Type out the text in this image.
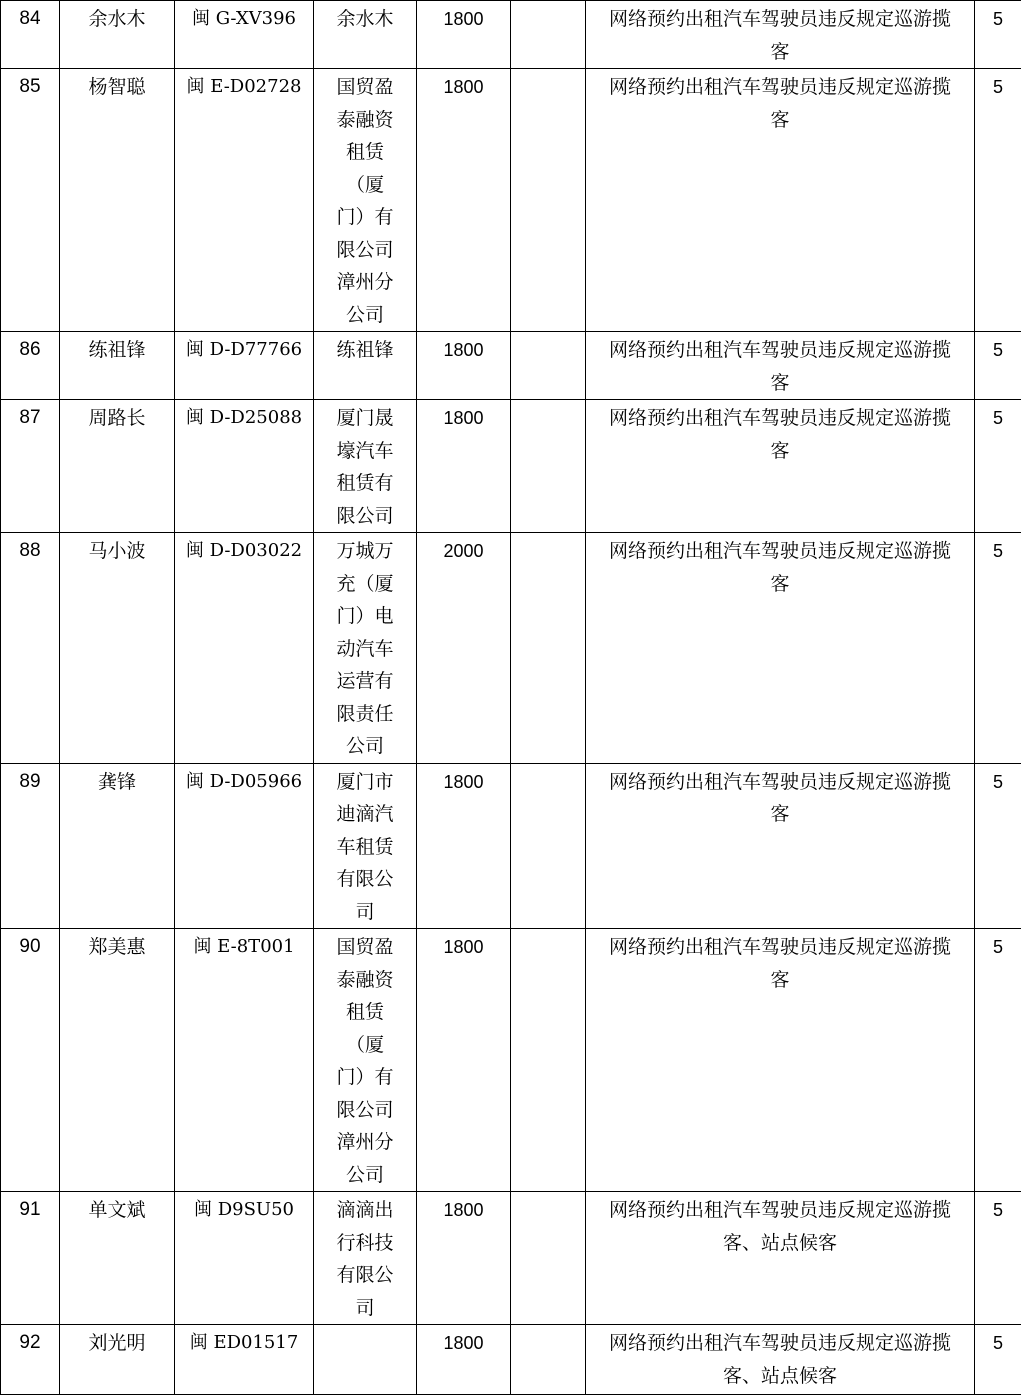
84	余水木	闽 G-XV396	余水木	1800		网络预约出租汽车驾驶员违反规定巡游揽客	5
85	杨智聪	闽 E-D02728	国贸盈泰融资租赁（厦门）有限公司漳州分公司	1800		网络预约出租汽车驾驶员违反规定巡游揽客	5
86	练祖锋	闽 D-D77766	练祖锋	1800		网络预约出租汽车驾驶员违反规定巡游揽客	5
87	周路长	闽 D-D25088	厦门晟壕汽车租赁有限公司	1800		网络预约出租汽车驾驶员违反规定巡游揽客	5
88	马小波	闽 D-D03022	万城万充（厦门）电动汽车运营有限责任公司	2000		网络预约出租汽车驾驶员违反规定巡游揽客	5
89	龚锋	闽 D-D05966	厦门市迪滴汽车租赁有限公司	1800		网络预约出租汽车驾驶员违反规定巡游揽客	5
90	郑美惠	闽 E-8T001	国贸盈泰融资租赁（厦门）有限公司漳州分公司	1800		网络预约出租汽车驾驶员违反规定巡游揽客	5
91	单文斌	闽 D9SU50	滴滴出行科技有限公司	1800		网络预约出租汽车驾驶员违反规定巡游揽客、站点候客	5
92	刘光明	闽 ED01517		1800		网络预约出租汽车驾驶员违反规定巡游揽客、站点候客	5
